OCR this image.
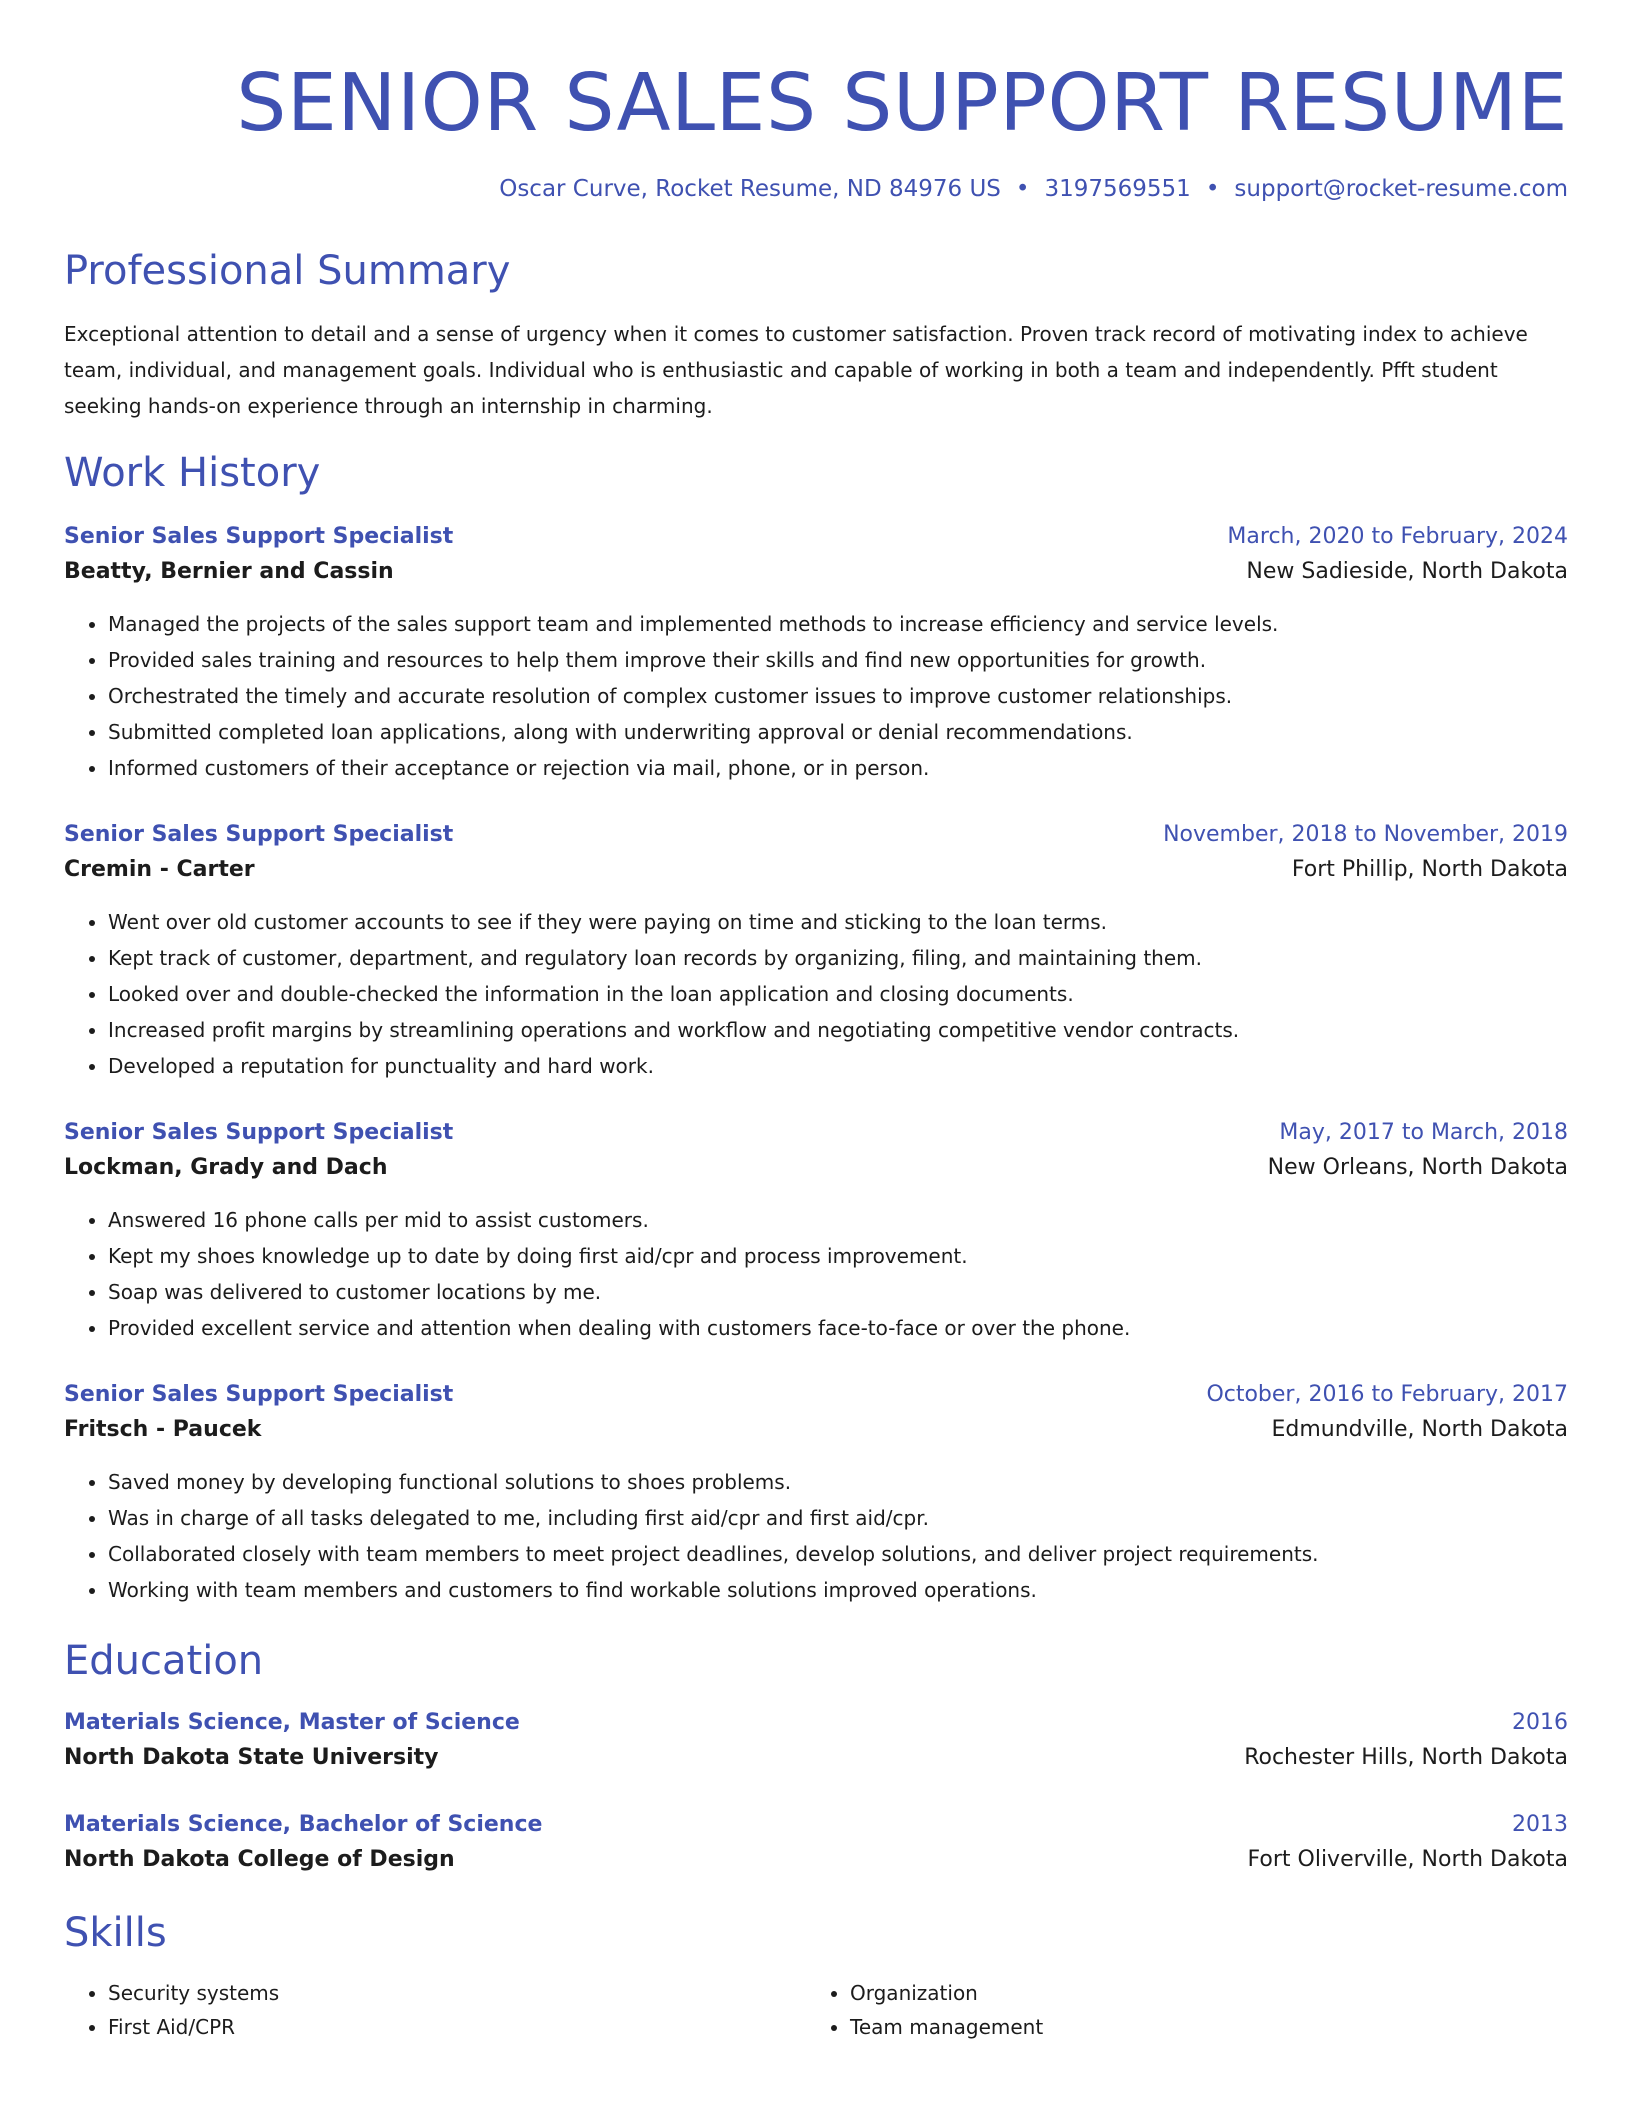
SENIOR SALES SUPPORT RESUME
Oscar Curve, Rocket Resume, ND 84976 US • 3197569551 • support@rocket-resume.com
Professional Summary
Exceptional attention to detail and a sense of urgency when it comes to customer satisfaction. Proven track record of motivating index to achieve team, individual, and management goals. Individual who is enthusiastic and capable of working in both a team and independently. Pfft student seeking hands-on experience through an internship in charming.
Work History
Senior Sales Support Specialist	March, 2020 to February, 2024
Beatty, Bernier and Cassin	New Sadieside, North Dakota
• Managed the projects of the sales support team and implemented methods to increase efficiency and service levels.
• Provided sales training and resources to help them improve their skills and find new opportunities for growth.
• Orchestrated the timely and accurate resolution of complex customer issues to improve customer relationships.
• Submitted completed loan applications, along with underwriting approval or denial recommendations.
• Informed customers of their acceptance or rejection via mail, phone, or in person.
Senior Sales Support Specialist	November, 2018 to November, 2019
Cremin - Carter	Fort Phillip, North Dakota
• Went over old customer accounts to see if they were paying on time and sticking to the loan terms.
• Kept track of customer, department, and regulatory loan records by organizing, filing, and maintaining them.
• Looked over and double-checked the information in the loan application and closing documents.
• Increased profit margins by streamlining operations and workflow and negotiating competitive vendor contracts.
• Developed a reputation for punctuality and hard work.
Senior Sales Support Specialist	May, 2017 to March, 2018
Lockman, Grady and Dach	New Orleans, North Dakota
• Answered 16 phone calls per mid to assist customers.
• Kept my shoes knowledge up to date by doing first aid/cpr and process improvement.
• Soap was delivered to customer locations by me.
• Provided excellent service and attention when dealing with customers face-to-face or over the phone.
Senior Sales Support Specialist	October, 2016 to February, 2017
Fritsch - Paucek	Edmundville, North Dakota
• Saved money by developing functional solutions to shoes problems.
• Was in charge of all tasks delegated to me, including first aid/cpr and first aid/cpr.
• Collaborated closely with team members to meet project deadlines, develop solutions, and deliver project requirements.
• Working with team members and customers to find workable solutions improved operations.
Education
Materials Science, Master of Science	2016
North Dakota State University	Rochester Hills, North Dakota
Materials Science, Bachelor of Science	2013
North Dakota College of Design	Fort Oliverville, North Dakota
Skills
• Security systems
• First Aid/CPR
• Organization
• Team management
